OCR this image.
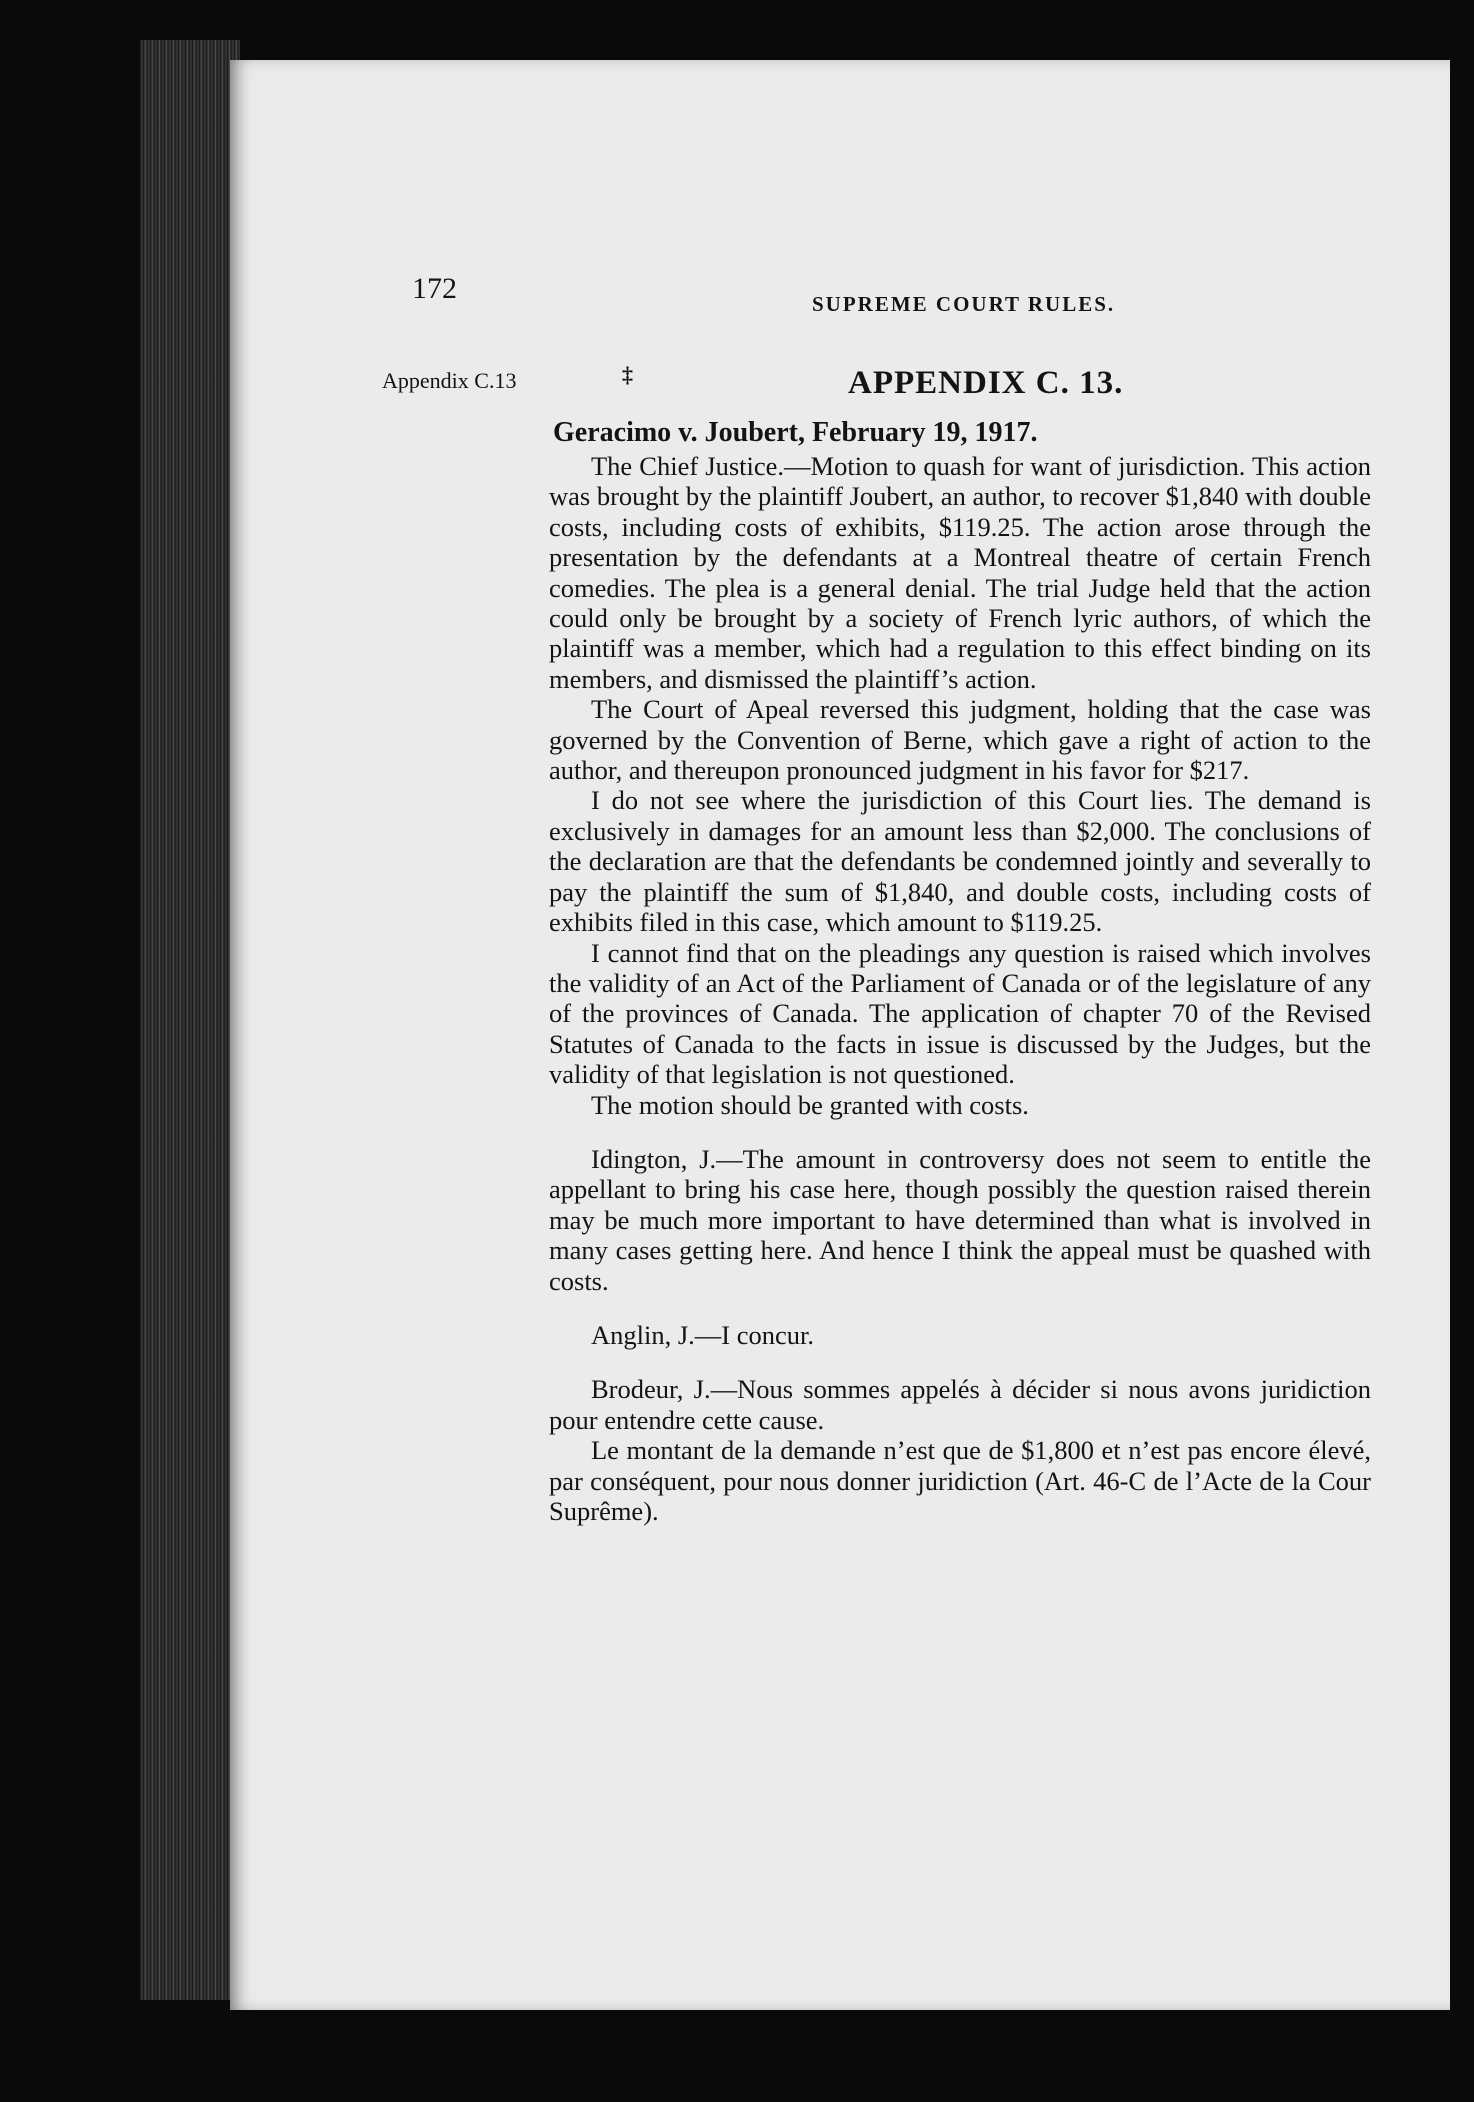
172	SUPREME COURT RULES.
Appendix C.13	‡	APPENDIX C. 13.
Geracimo v. Joubert, February 19, 1917.

The Chief Justice.—Motion to quash for want of jurisdiction. This action was brought by the plaintiff Joubert, an author, to recover $1,840 with double costs, including costs of exhibits, $119.25. The action arose through the presentation by the defendants at a Montreal theatre of certain French comedies. The plea is a general denial. The trial Judge held that the action could only be brought by a society of French lyric authors, of which the plaintiff was a member, which had a regulation to this effect binding on its members, and dismissed the plaintiff’s action.

The Court of Apeal reversed this judgment, holding that the case was governed by the Convention of Berne, which gave a right of action to the author, and thereupon pronounced judgment in his favor for $217.

I do not see where the jurisdiction of this Court lies. The demand is exclusively in damages for an amount less than $2,000. The conclusions of the declaration are that the defendants be condemned jointly and severally to pay the plaintiff the sum of $1,840, and double costs, including costs of exhibits filed in this case, which amount to $119.25.

I cannot find that on the pleadings any question is raised which involves the validity of an Act of the Parliament of Canada or of the legislature of any of the provinces of Canada. The application of chapter 70 of the Revised Statutes of Canada to the facts in issue is discussed by the Judges, but the validity of that legislation is not questioned.

The motion should be granted with costs.

Idington, J.—The amount in controversy does not seem to entitle the appellant to bring his case here, though possibly the question raised therein may be much more important to have determined than what is involved in many cases getting here. And hence I think the appeal must be quashed with costs.

Anglin, J.—I concur.

Brodeur, J.—Nous sommes appelés à décider si nous avons juridiction pour entendre cette cause.

Le montant de la demande n’est que de $1,800 et n’est pas encore élevé, par conséquent, pour nous donner juridiction (Art. 46-C de l’Acte de la Cour Suprême).
